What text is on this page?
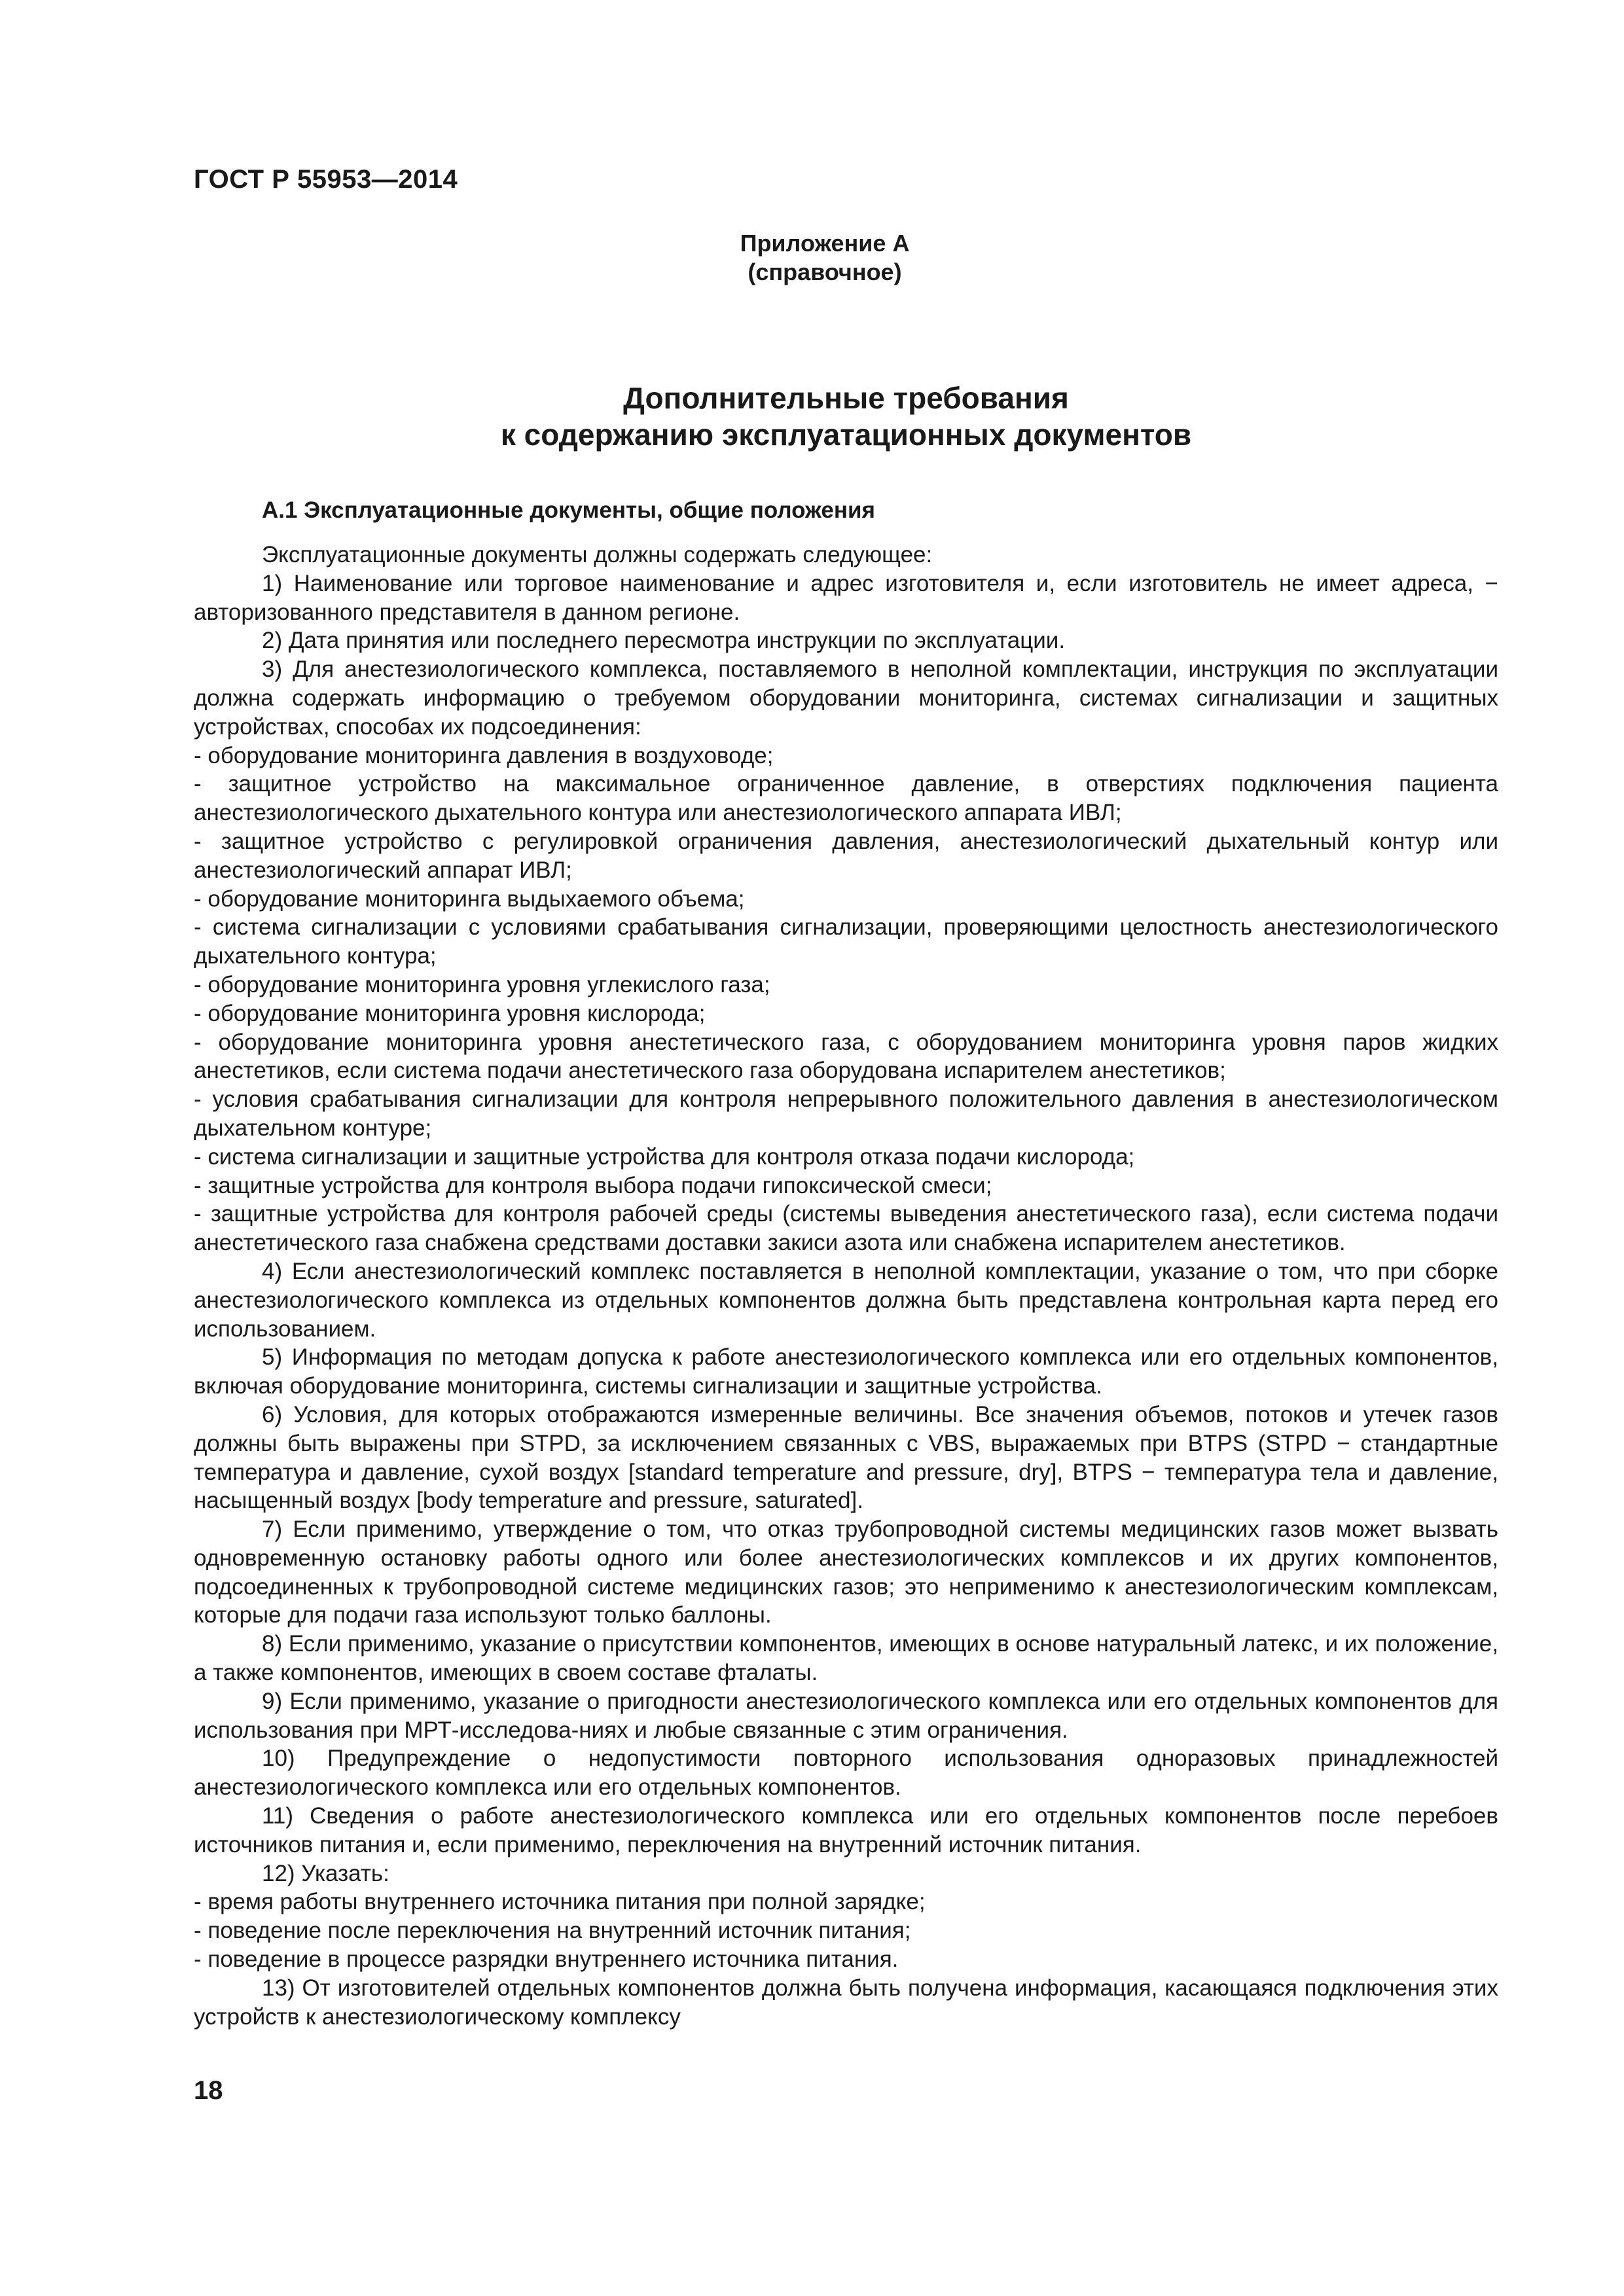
ГОСТ Р 55953—2014
Приложение А
(справочное)
Дополнительные требования
к содержанию эксплуатационных документов
А.1 Эксплуатационные документы, общие положения

Эксплуатационные документы должны содержать следующее:

1) Наименование или торговое наименование и адрес изготовителя и, если изготовитель не имеет адреса, − авторизованного представителя в данном регионе.

2) Дата принятия или последнего пересмотра инструкции по эксплуатации.

3) Для анестезиологического комплекса, поставляемого в неполной комплектации, инструкция по эксплуатации должна содержать информацию о требуемом оборудовании мониторинга, системах сигнализации и защитных устройствах, способах их подсоединения:

- оборудование мониторинга давления в воздуховоде;

- защитное устройство на максимальное ограниченное давление, в отверстиях подключения пациента анестезиологического дыхательного контура или анестезиологического аппарата ИВЛ;

- защитное устройство с регулировкой ограничения давления, анестезиологический дыхательный контур или анестезиологический аппарат ИВЛ;

- оборудование мониторинга выдыхаемого объема;

- система сигнализации с условиями срабатывания сигнализации, проверяющими целостность анестезиологического дыхательного контура;

- оборудование мониторинга уровня углекислого газа;

- оборудование мониторинга уровня кислорода;

- оборудование мониторинга уровня анестетического газа, с оборудованием мониторинга уровня паров жидких анестетиков, если система подачи анестетического газа оборудована испарителем анестетиков;

- условия срабатывания сигнализации для контроля непрерывного положительного давления в анестезиологическом дыхательном контуре;

- система сигнализации и защитные устройства для контроля отказа подачи кислорода;

- защитные устройства для контроля выбора подачи гипоксической смеси;

- защитные устройства для контроля рабочей среды (системы выведения анестетического газа), если система подачи анестетического газа снабжена средствами доставки закиси азота или снабжена испарителем анестетиков.

4) Если анестезиологический комплекс поставляется в неполной комплектации, указание о том, что при сборке анестезиологического комплекса из отдельных компонентов должна быть представлена контрольная карта перед его использованием.

5) Информация по методам допуска к работе анестезиологического комплекса или его отдельных компонентов, включая оборудование мониторинга, системы сигнализации и защитные устройства.

6) Условия, для которых отображаются измеренные величины. Все значения объемов, потоков и утечек газов должны быть выражены при STPD, за исключением связанных с VBS, выражаемых при BTPS (STPD − стандартные температура и давление, сухой воздух [standard temperature and pressure, dry], BTPS − температура тела и давление, насыщенный воздух [body temperature and pressure, saturated].

7) Если применимо, утверждение о том, что отказ трубопроводной системы медицинских газов может вызвать одновременную остановку работы одного или более анестезиологических комплексов и их других компонентов, подсоединенных к трубопроводной системе медицинских газов; это неприменимо к анестезиологическим комплексам, которые для подачи газа используют только баллоны.

8) Если применимо, указание о присутствии компонентов, имеющих в основе натуральный латекс, и их положение, а также компонентов, имеющих в своем составе фталаты.

9) Если применимо, указание о пригодности анестезиологического комплекса или его отдельных компонентов для использования при МРТ-исследова-ниях и любые связанные с этим ограничения.

10) Предупреждение о недопустимости повторного использования одноразовых принадлежностей анестезиологического комплекса или его отдельных компонентов.

11) Сведения о работе анестезиологического комплекса или его отдельных компонентов после перебоев источников питания и, если применимо, переключения на внутренний источник питания.

12) Указать:

- время работы внутреннего источника питания при полной зарядке;

- поведение после переключения на внутренний источник питания;

- поведение в процессе разрядки внутреннего источника питания.

13) От изготовителей отдельных компонентов должна быть получена информация, касающаяся подключения этих устройств к анестезиологическому комплексу

18
